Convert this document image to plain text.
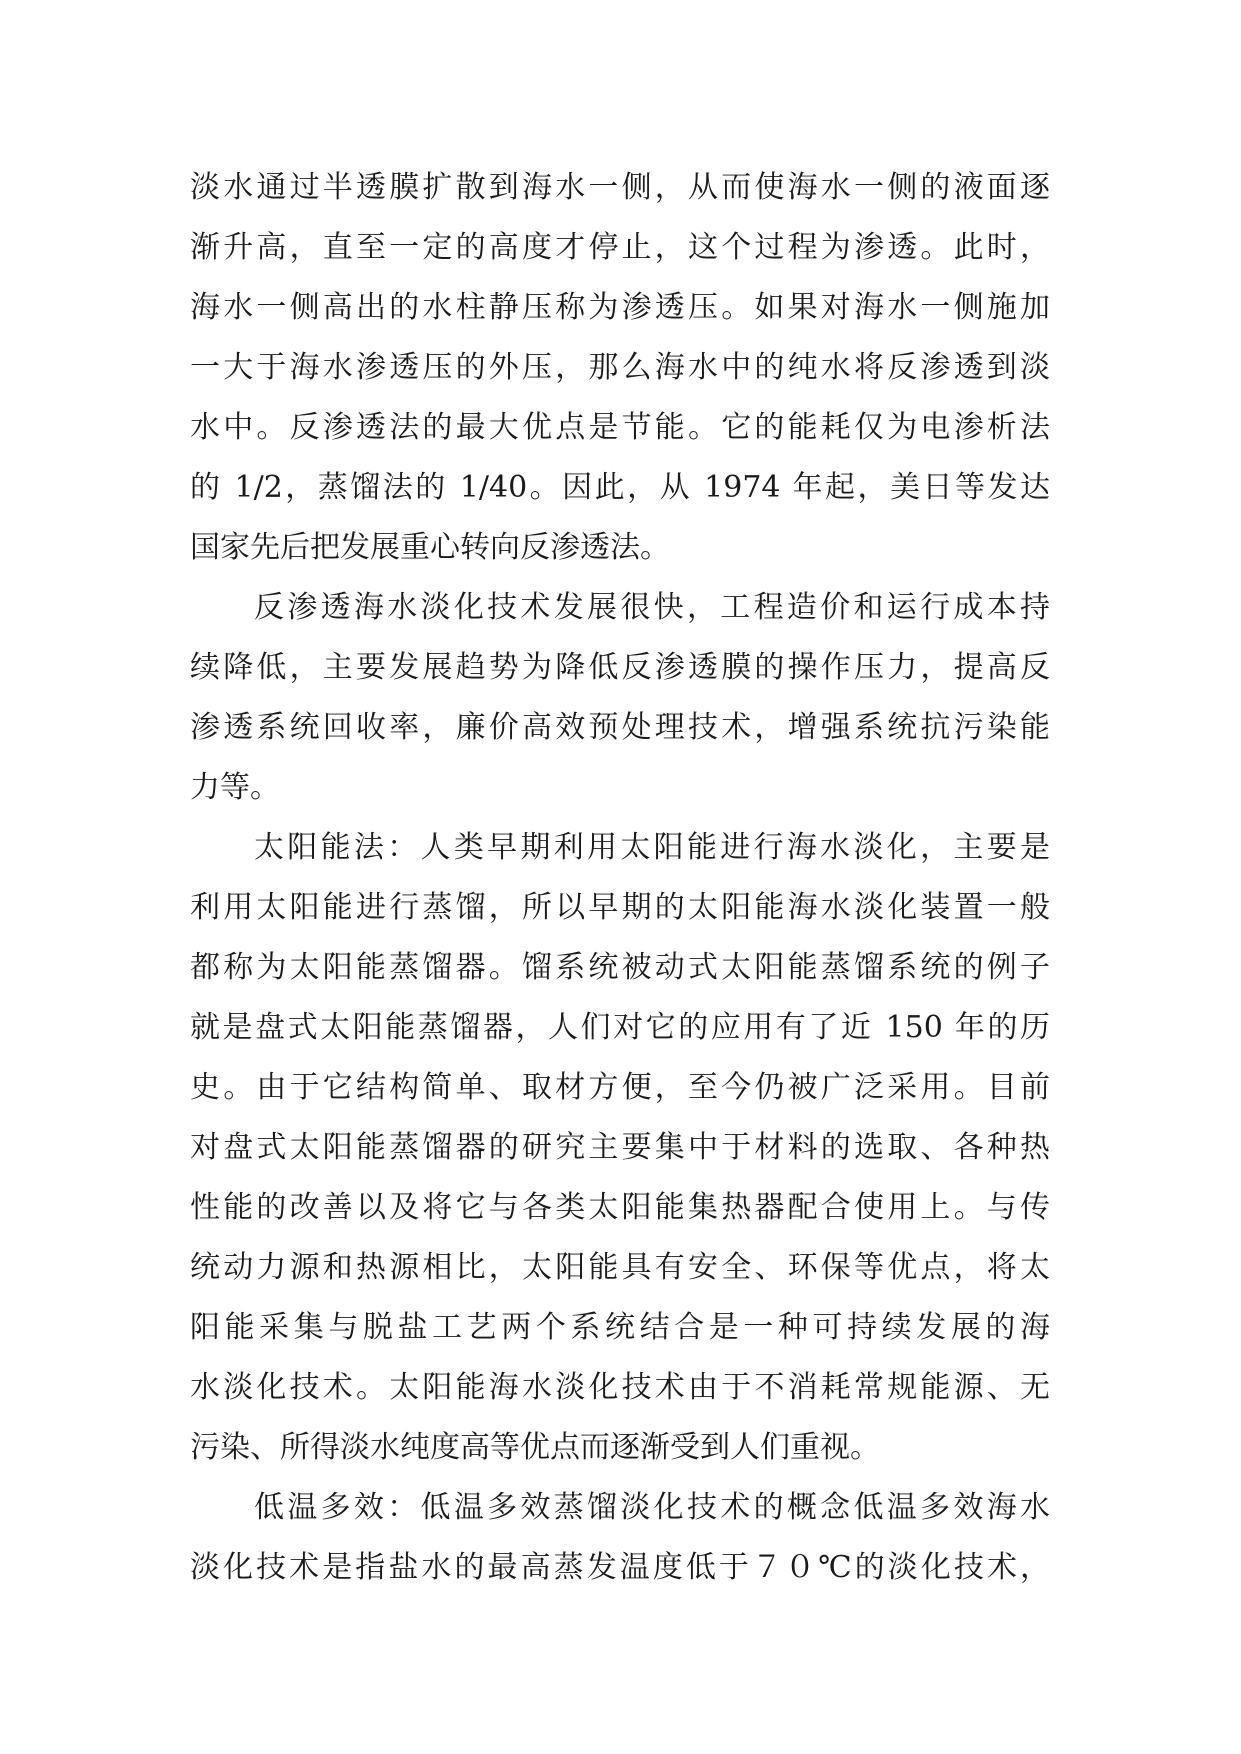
淡水通过半透膜扩散到海水一侧，从而使海水一侧的液面逐
渐升高，直至一定的高度才停止，这个过程为渗透。此时，
海水一侧高出的水柱静压称为渗透压。如果对海水一侧施加
一大于海水渗透压的外压，那么海水中的纯水将反渗透到淡
水中。反渗透法的最大优点是节能。它的能耗仅为电渗析法
的 1/2，蒸馏法的 1/40。因此，从 1974 年起，美日等发达
国家先后把发展重心转向反渗透法。
反渗透海水淡化技术发展很快，工程造价和运行成本持
续降低，主要发展趋势为降低反渗透膜的操作压力，提高反
渗透系统回收率，廉价高效预处理技术，增强系统抗污染能
力等。
太阳能法：人类早期利用太阳能进行海水淡化，主要是
利用太阳能进行蒸馏，所以早期的太阳能海水淡化装置一般
都称为太阳能蒸馏器。馏系统被动式太阳能蒸馏系统的例子
就是盘式太阳能蒸馏器，人们对它的应用有了近 150 年的历
史。由于它结构简单、取材方便，至今仍被广泛采用。目前
对盘式太阳能蒸馏器的研究主要集中于材料的选取、各种热
性能的改善以及将它与各类太阳能集热器配合使用上。与传
统动力源和热源相比，太阳能具有安全、环保等优点，将太
阳能采集与脱盐工艺两个系统结合是一种可持续发展的海
水淡化技术。太阳能海水淡化技术由于不消耗常规能源、无
污染、所得淡水纯度高等优点而逐渐受到人们重视。
低温多效：低温多效蒸馏淡化技术的概念低温多效海水
淡化技术是指盐水的最高蒸发温度低于７０℃的淡化技术，
